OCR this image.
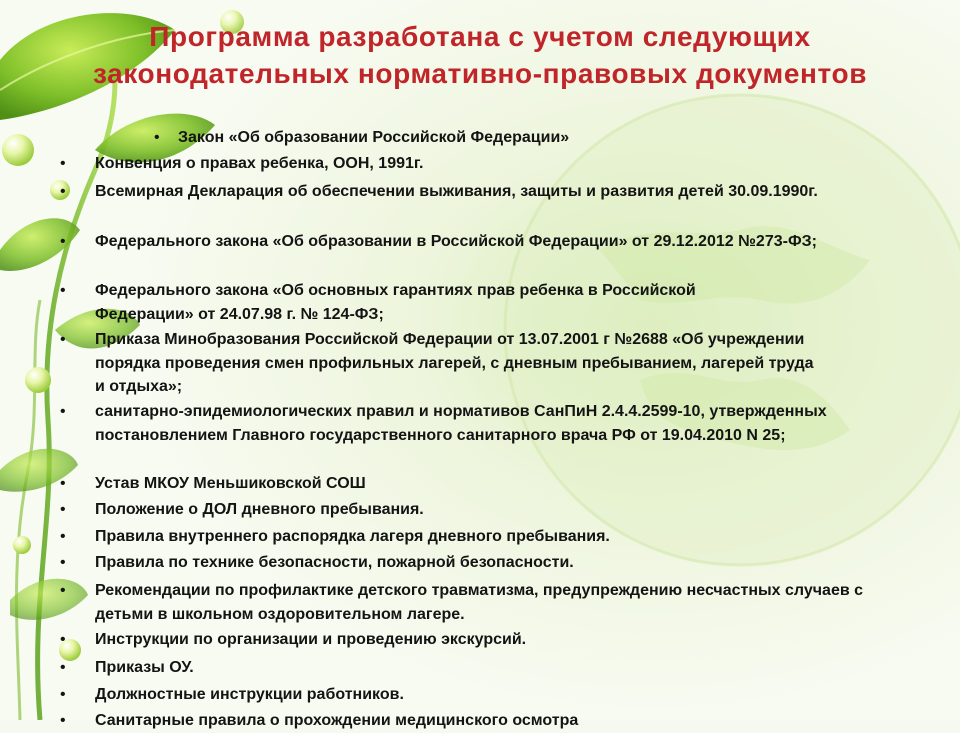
Программа разработана с учетом следующих законодательных нормативно-правовых документов
• Закон «Об образовании Российской Федерации»
• Конвенция о правах ребенка, ООН, 1991г.
• Всемирная Декларация об обеспечении выживания, защиты и развития детей 30.09.1990г.
• Федерального закона «Об образовании в Российской Федерации» от 29.12.2012 №273-ФЗ;
• Федерального закона «Об основных гарантиях прав ребенка в Российской Федерации» от 24.07.98 г. № 124-ФЗ;
• Приказа Минобразования Российской Федерации от 13.07.2001 г №2688 «Об учреждении порядка проведения смен профильных лагерей, с дневным пребыванием, лагерей труда и отдыха»;
• санитарно-эпидемиологических правил и нормативов СанПиН 2.4.4.2599-10, утвержденных постановлением Главного государственного санитарного врача РФ от 19.04.2010 N 25;
• Устав МКОУ Меньшиковской СОШ
• Положение о ДОЛ дневного пребывания.
• Правила внутреннего распорядка лагеря дневного пребывания.
• Правила по технике безопасности, пожарной безопасности.
• Рекомендации по профилактике детского травматизма, предупреждению несчастных случаев с детьми в школьном оздоровительном лагере.
• Инструкции по организации и проведению экскурсий.
• Приказы ОУ.
• Должностные инструкции работников.
• Санитарные правила о прохождении медицинского осмотра
